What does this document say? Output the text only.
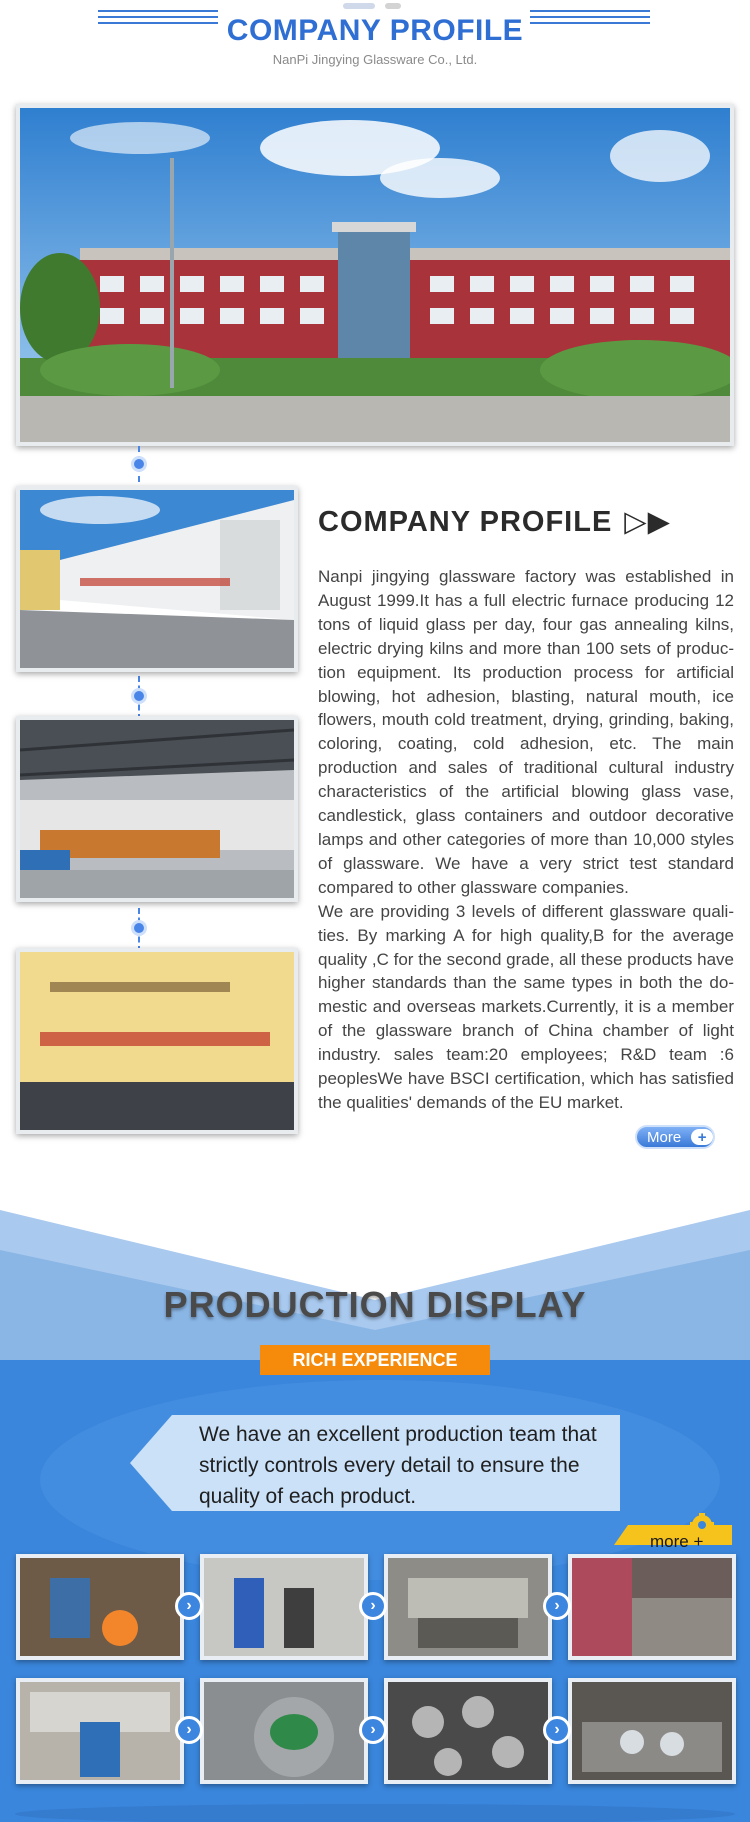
COMPANY PROFILE
NanPi Jingying Glassware Co., Ltd.
COMPANY PROFILE ▷▶

Nanpi jingying glassware factory was established in August 1999.It has a full electric furnace producing 12 tons of liquid glass per day, four gas annealing kilns, electric drying kilns and more than 100 sets of production equipment. Its production process for artificial blowing, hot adhesion, blasting, natural mouth, ice flowers, mouth cold treatment, drying, grinding, baking, coloring, coating, cold adhesion, etc. The main production and sales of traditional cultural industry characteristics of the artificial blowing glass vase, candlestick, glass containers and outdoor decorative lamps and other categories of more than 10,000 styles of glassware. We have a very strict test standard compared to other glassware companies.

We are providing 3 levels of different glassware qualities. By marking A for high quality,B for the average quality ,C for the second grade, all these products have higher standards than the same types in both the domestic and overseas markets.Currently, it is a member of the glassware branch of China chamber of light industry. sales team:20 employees; R&D team :6 peoplesWe have BSCI certification, which has satisfied the qualities' demands of the EU market.

More	+
PRODUCTION DISPLAY
RICH EXPERIENCE
We have an excellent production team that strictly controls every detail to ensure the quality of each product.
more +
›	›	›
›	›	›
